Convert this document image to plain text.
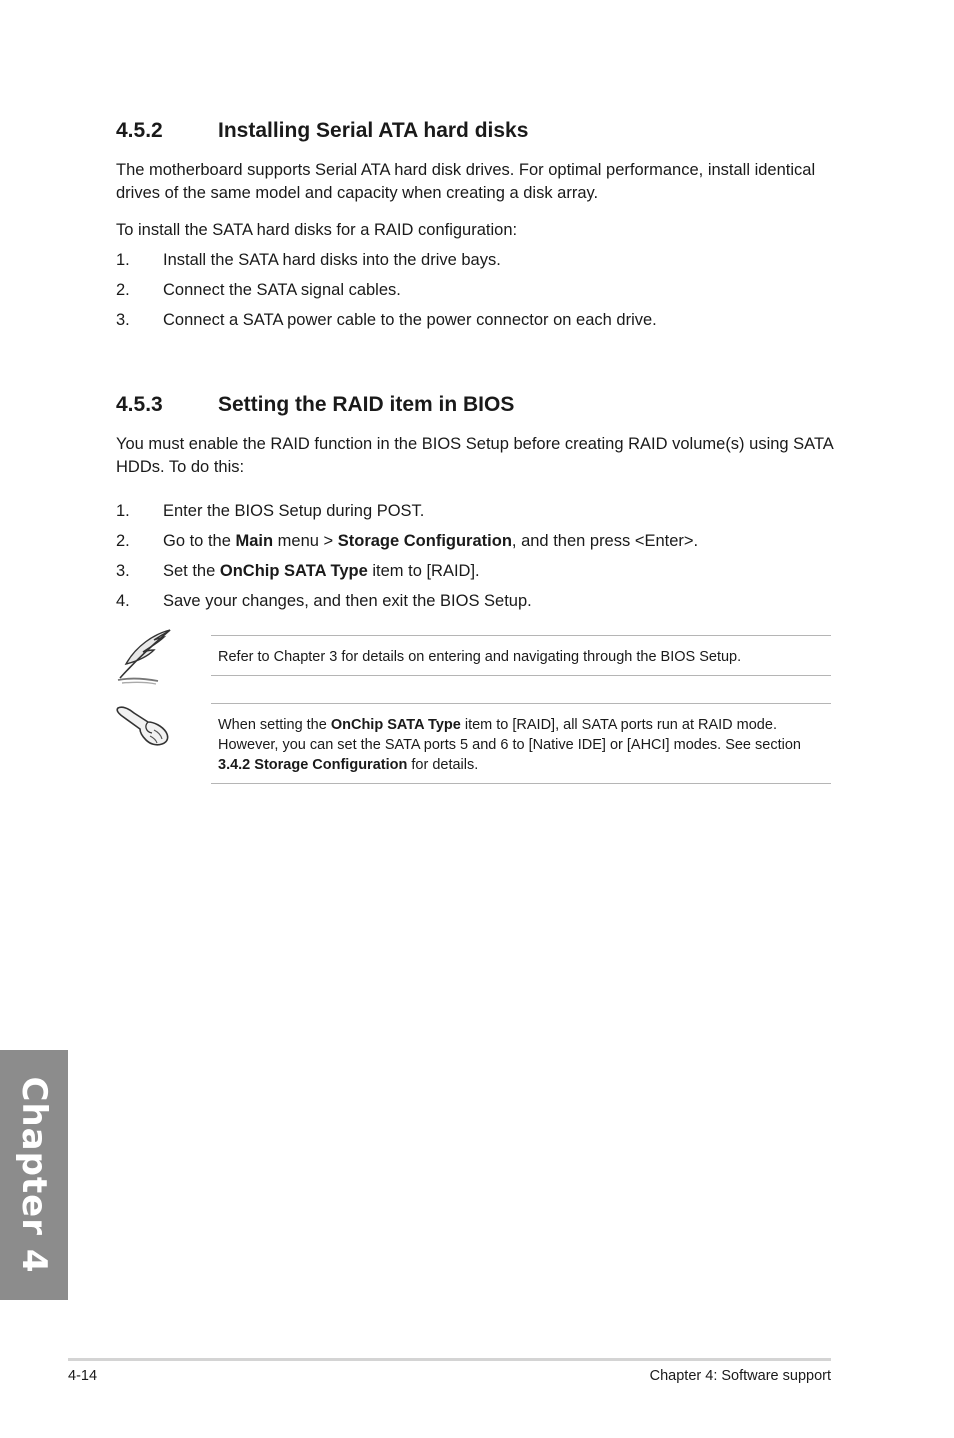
4.5.2	Installing Serial ATA hard disks

The motherboard supports Serial ATA hard disk drives. For optimal performance, install identical drives of the same model and capacity when creating a disk array.

To install the SATA hard disks for a RAID configuration:

1. Install the SATA hard disks into the drive bays.
2. Connect the SATA signal cables.
3. Connect a SATA power cable to the power connector on each drive.
4.5.3	Setting the RAID item in BIOS

You must enable the RAID function in the BIOS Setup before creating RAID volume(s) using SATA HDDs. To do this:

1. Enter the BIOS Setup during POST.
2. Go to the Main menu > Storage Configuration, and then press <Enter>.
3. Set the OnChip SATA Type item to [RAID].
4. Save your changes, and then exit the BIOS Setup.
Refer to Chapter 3 for details on entering and navigating through the BIOS Setup.
When setting the OnChip SATA Type item to [RAID], all SATA ports run at RAID mode. However, you can set the SATA ports 5 and 6 to [Native IDE] or [AHCI] modes. See section 3.4.2 Storage Configuration for details.
Chapter 4
4-14	Chapter 4: Software support
